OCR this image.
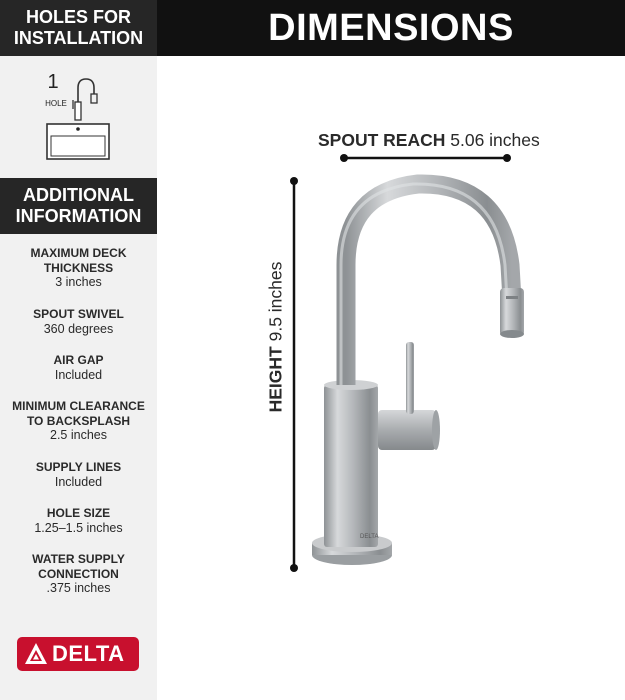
HOLES FOR
INSTALLATION
1
HOLE
ADDITIONAL
INFORMATION
MAXIMUM DECK
THICKNESS
3 inches
SPOUT SWIVEL
360 degrees
AIR GAP
Included
MINIMUM CLEARANCE
TO BACKSPLASH
2.5 inches
SUPPLY LINES
Included
HOLE SIZE
1.25–1.5 inches
WATER SUPPLY
CONNECTION
.375 inches
DELTA
DIMENSIONS
SPOUT REACH 5.06 inches
HEIGHT 9.5 inches
DELTA
